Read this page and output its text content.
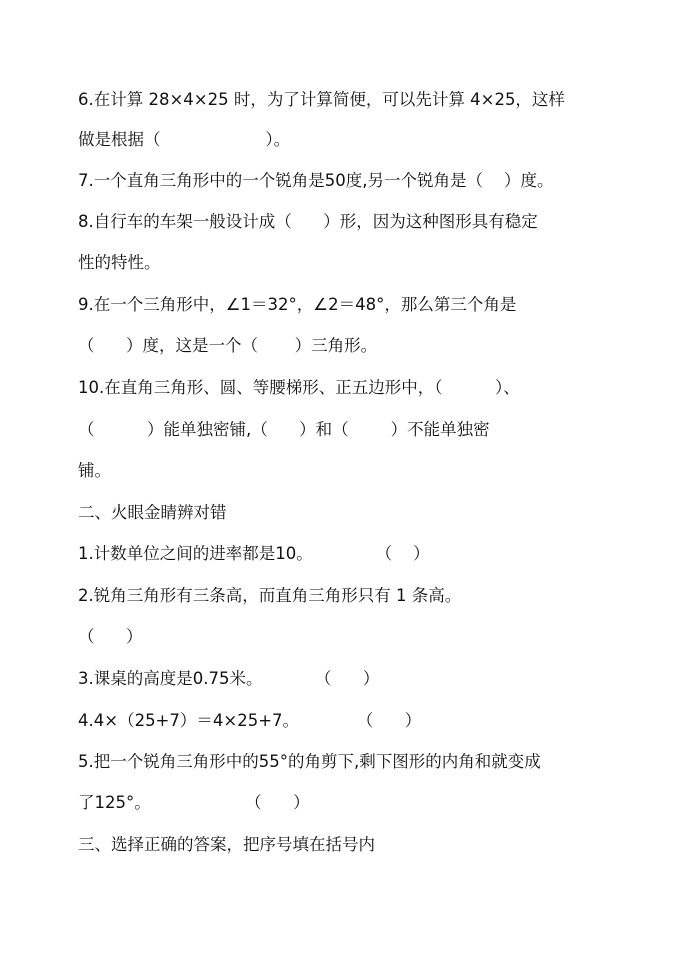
6.在计算 28×4×25 时，为了计算简便，可以先计算 4×25，这样
做是根据（                    ）。
7.一个直角三角形中的一个锐角是50度,另一个锐角是（    ）度。
8.自行车的车架一般设计成（      ）形，因为这种图形具有稳定
性的特性。
9.在一个三角形中，∠1＝32°，∠2＝48°，那么第三个角是
（      ）度，这是一个（       ）三角形。
10.在直角三角形、圆、等腰梯形、正五边形中，（          ）、
（          ）能单独密铺,（      ）和（        ）不能单独密
铺。
二、火眼金睛辨对错
1.计数单位之间的进率都是10。            （    ）
2.锐角三角形有三条高，而直角三角形只有 1 条高。
（      ）
3.课桌的高度是0.75米。          （      ）
4.4×（25+7）＝4×25+7。           （      ）
5.把一个锐角三角形中的55°的角剪下,剩下图形的内角和就变成
了125°。                  （      ）
三、选择正确的答案，把序号填在括号内
